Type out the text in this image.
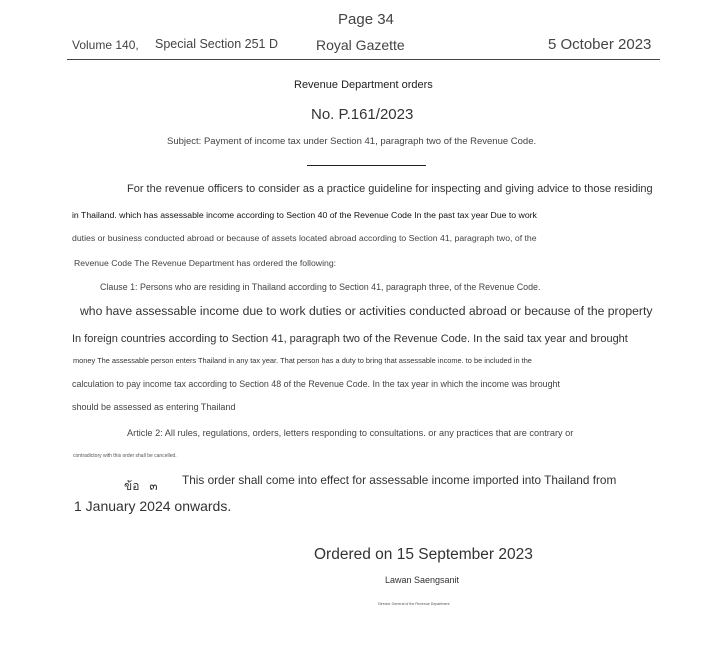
Page 34
Volume 140, Special Section 251 D	Royal Gazette	5 October 2023
Revenue Department orders
No. P.161/2023
Subject: Payment of income tax under Section 41, paragraph two of the Revenue Code.
For the revenue officers to consider as a practice guideline for inspecting and giving advice to those residing
in Thailand. which has assessable income according to Section 40 of the Revenue Code In the past tax year Due to work
duties or business conducted abroad or because of assets located abroad according to Section 41, paragraph two, of the
Revenue Code The Revenue Department has ordered the following:
Clause 1: Persons who are residing in Thailand according to Section 41, paragraph three, of the Revenue Code.
who have assessable income due to work duties or activities conducted abroad or because of the property
In foreign countries according to Section 41, paragraph two of the Revenue Code. In the said tax year and brought
money The assessable person enters Thailand in any tax year. That person has a duty to bring that assessable income. to be included in the
calculation to pay income tax according to Section 48 of the Revenue Code. In the tax year in which the income was brought
should be assessed as entering Thailand
Article 2: All rules, regulations, orders, letters responding to consultations. or any practices that are contrary or
contradictory with this order shall be cancelled.
ข้อ   ๓ This order shall come into effect for assessable income imported into Thailand from
1 January 2024 onwards.
Ordered on 15 September 2023
Lawan Saengsanit
Director General of the Revenue Department
